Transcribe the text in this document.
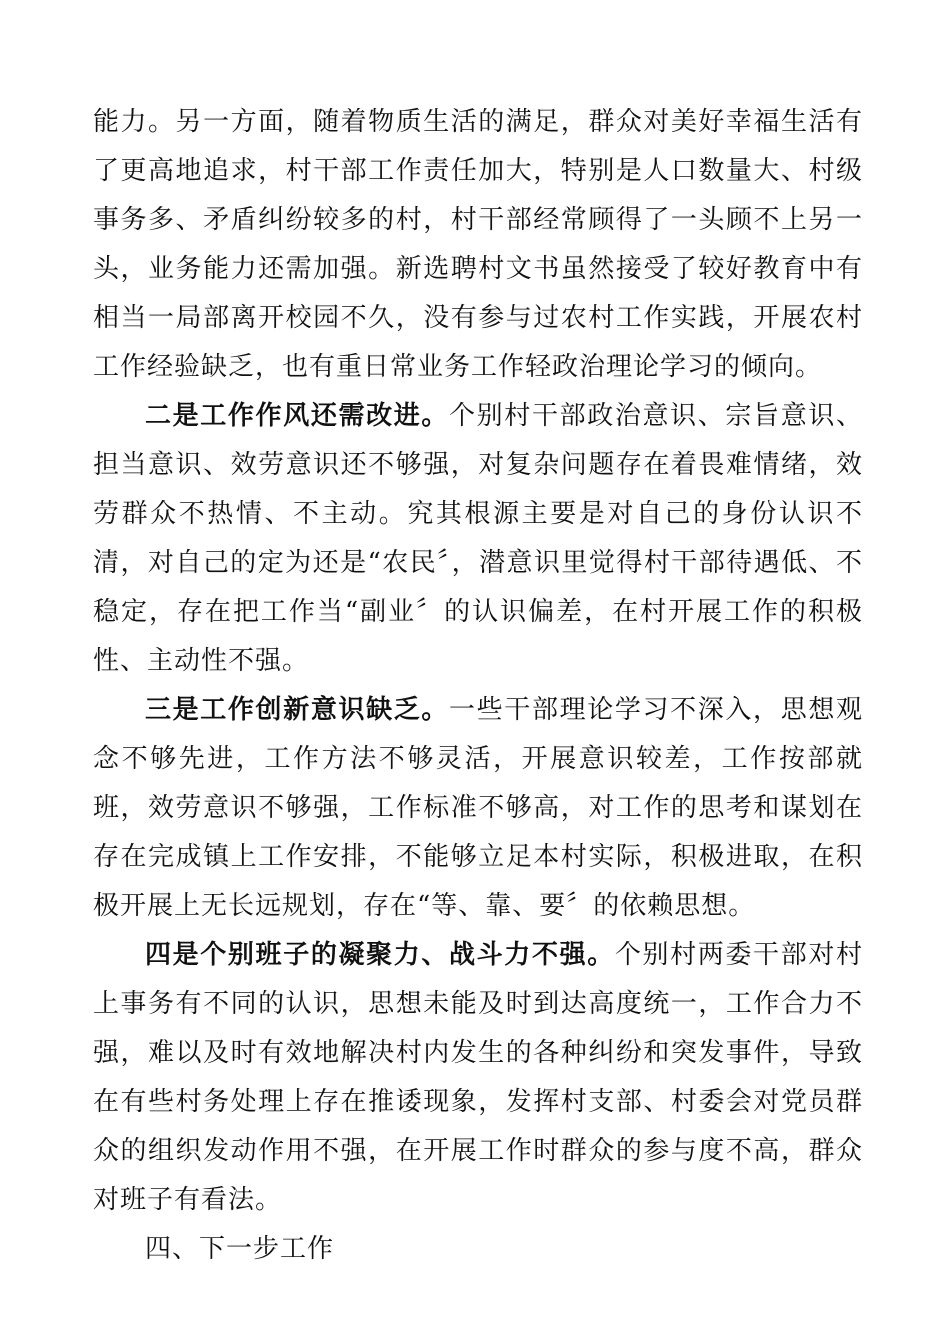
能力。另一方面，随着物质生活的满足，群众对美好幸福生活有了更高地追求，村干部工作责任加大，特别是人口数量大、村级事务多、矛盾纠纷较多的村，村干部经常顾得了一头顾不上另一头，业务能力还需加强。新选聘村文书虽然接受了较好教育中有相当一局部离开校园不久，没有参与过农村工作实践，开展农村工作经验缺乏，也有重日常业务工作轻政治理论学习的倾向。

二是工作作风还需改进。个别村干部政治意识、宗旨意识、担当意识、效劳意识还不够强，对复杂问题存在着畏难情绪，效劳群众不热情、不主动。究其根源主要是对自己的身份认识不清，对自己的定为还是“农民〞，潜意识里觉得村干部待遇低、不稳定，存在把工作当“副业〞的认识偏差，在村开展工作的积极性、主动性不强。

三是工作创新意识缺乏。一些干部理论学习不深入，思想观念不够先进，工作方法不够灵活，开展意识较差，工作按部就班，效劳意识不够强，工作标准不够高，对工作的思考和谋划在存在完成镇上工作安排，不能够立足本村实际，积极进取，在积极开展上无长远规划，存在“等、靠、要〞的依赖思想。

四是个别班子的凝聚力、战斗力不强。个别村两委干部对村上事务有不同的认识，思想未能及时到达高度统一，工作合力不强，难以及时有效地解决村内发生的各种纠纷和突发事件，导致在有些村务处理上存在推诿现象，发挥村支部、村委会对党员群众的组织发动作用不强，在开展工作时群众的参与度不高，群众对班子有看法。

四、下一步工作
